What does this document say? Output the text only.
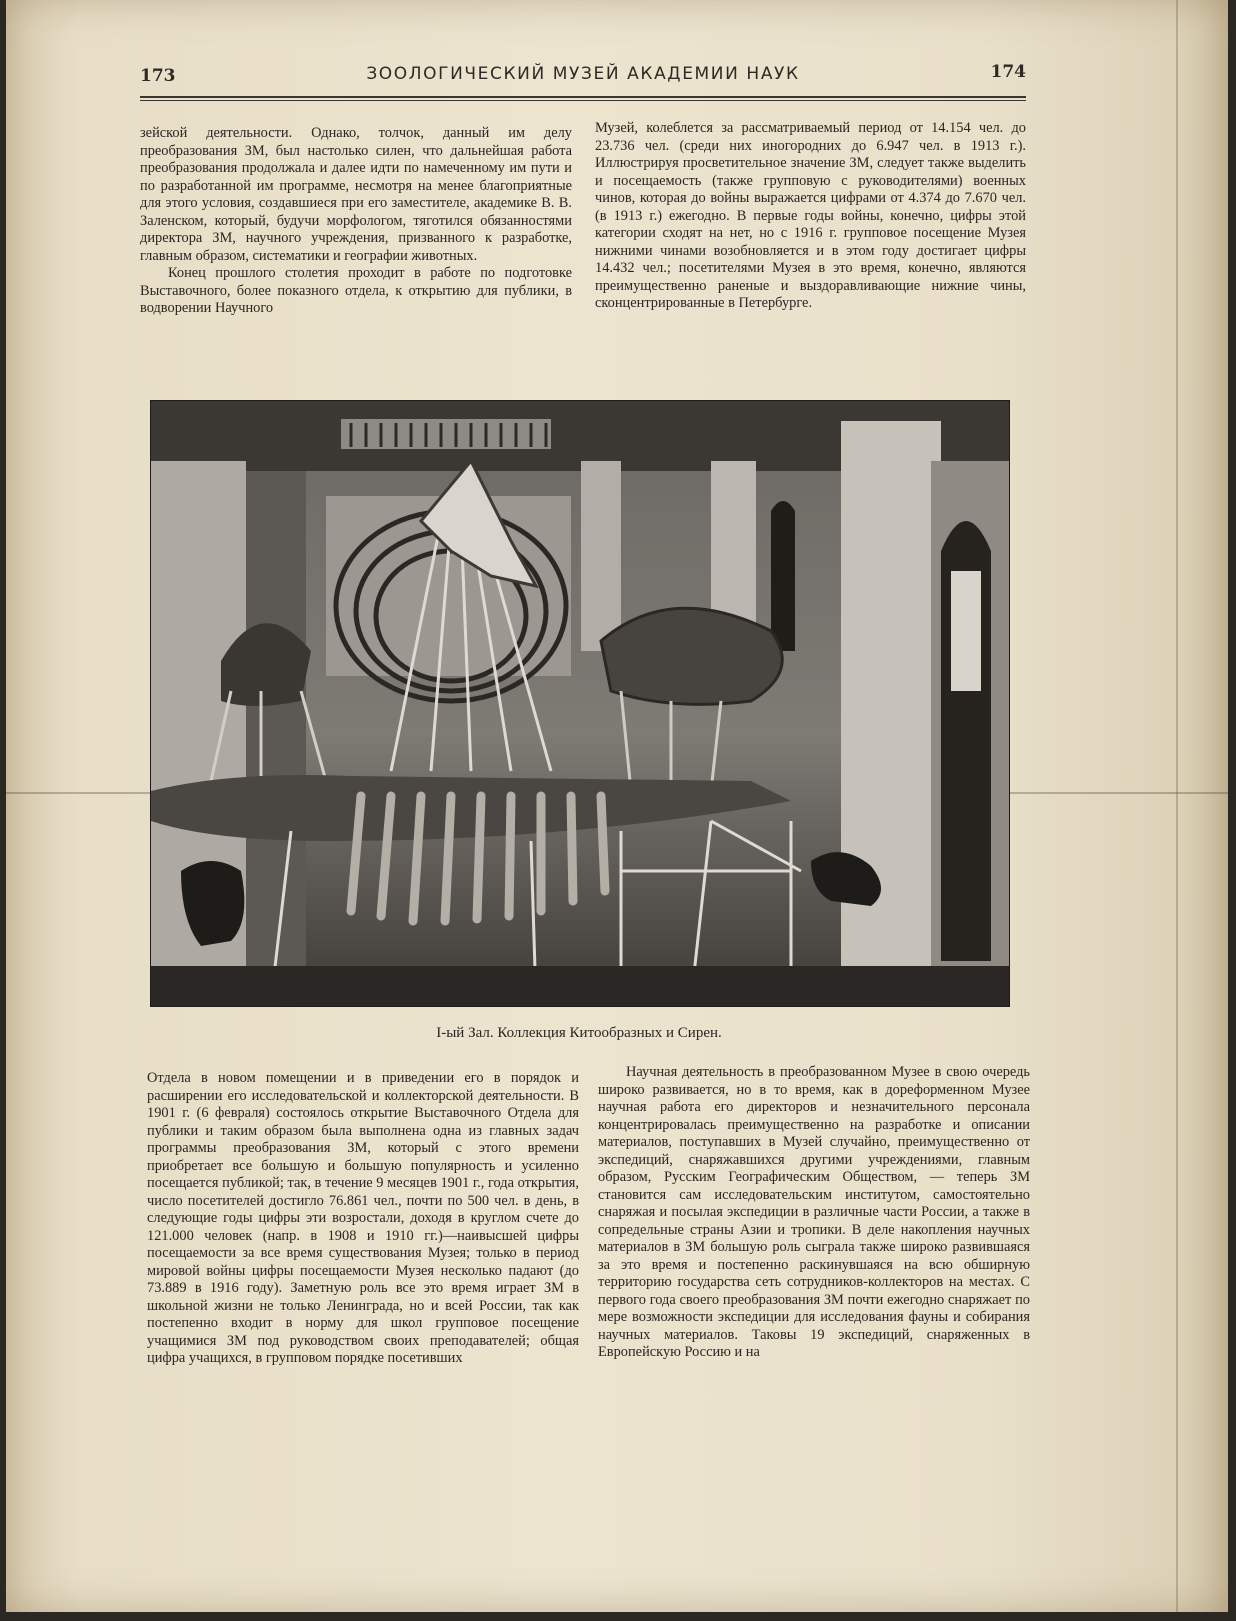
173	ЗООЛОГИЧЕСКИЙ МУЗЕЙ АКАДЕМИИ НАУК	174

зейской деятельности. Однако, толчок, данный им делу преобразования ЗМ, был настолько силен, что дальнейшая работа преобразования продолжала и далее идти по намеченному им пути и по разработанной им программе, несмотря на менее благоприятные для этого условия, создавшиеся при его заместителе, академике В. В. Заленском, который, будучи морфологом, тяготился обязанностями директора ЗМ, научного учреждения, призванного к разработке, главным образом, систематики и географии животных.

Конец прошлого столетия проходит в работе по подготовке Выставочного, более показного отдела, к открытию для публики, в водворении Научного

Музей, колеблется за рассматриваемый период от 14.154 чел. до 23.736 чел. (среди них иногородних до 6.947 чел. в 1913 г.). Иллюстрируя просветительное значение ЗМ, следует также выделить и посещаемость (также групповую с руководителями) военных чинов, которая до войны выражается цифрами от 4.374 до 7.670 чел. (в 1913 г.) ежегодно. В первые годы войны, конечно, цифры этой категории сходят на нет, но с 1916 г. групповое посещение Музея нижними чинами возобновляется и в этом году достигает цифры 14.432 чел.; посетителями Музея в это время, конечно, являются преимущественно раненые и выздоравливающие нижние чины, сконцентрированные в Петербурге.

I-ый Зал. Коллекция Китообразных и Сирен.

Отдела в новом помещении и в приведении его в порядок и расширении его исследовательской и коллекторской деятельности. В 1901 г. (6 февраля) состоялось открытие Выставочного Отдела для публики и таким образом была выполнена одна из главных задач программы преобразования ЗМ, который с этого времени приобретает все большую и большую популярность и усиленно посещается публикой; так, в течение 9 месяцев 1901 г., года открытия, число посетителей достигло 76.861 чел., почти по 500 чел. в день, в следующие годы цифры эти возростали, доходя в круглом счете до 121.000 человек (напр. в 1908 и 1910 гг.)—наивысшей цифры посещаемости за все время существования Музея; только в период мировой войны цифры посещаемости Музея несколько падают (до 73.889 в 1916 году). Заметную роль все это время играет ЗМ в школьной жизни не только Ленинграда, но и всей России, так как постепенно входит в норму для школ групповое посещение учащимися ЗМ под руководством своих преподавателей; общая цифра учащихся, в групповом порядке посетивших

Научная деятельность в преобразованном Музее в свою очередь широко развивается, но в то время, как в дореформенном Музее научная работа его директоров и незначительного персонала концентрировалась преимущественно на разработке и описании материалов, поступавших в Музей случайно, преимущественно от экспедиций, снаряжавшихся другими учреждениями, главным образом, Русским Географическим Обществом, — теперь ЗМ становится сам исследовательским институтом, самостоятельно снаряжая и посылая экспедиции в различные части России, а также в сопредельные страны Азии и тропики. В деле накопления научных материалов в ЗМ большую роль сыграла также широко развившаяся за это время и постепенно раскинувшаяся на всю обширную территорию государства сеть сотрудников-коллекторов на местах. С первого года своего преобразования ЗМ почти ежегодно снаряжает по мере возможности экспедиции для исследования фауны и собирания научных материалов. Таковы 19 экспедиций, снаряженных в Европейскую Россию и на
